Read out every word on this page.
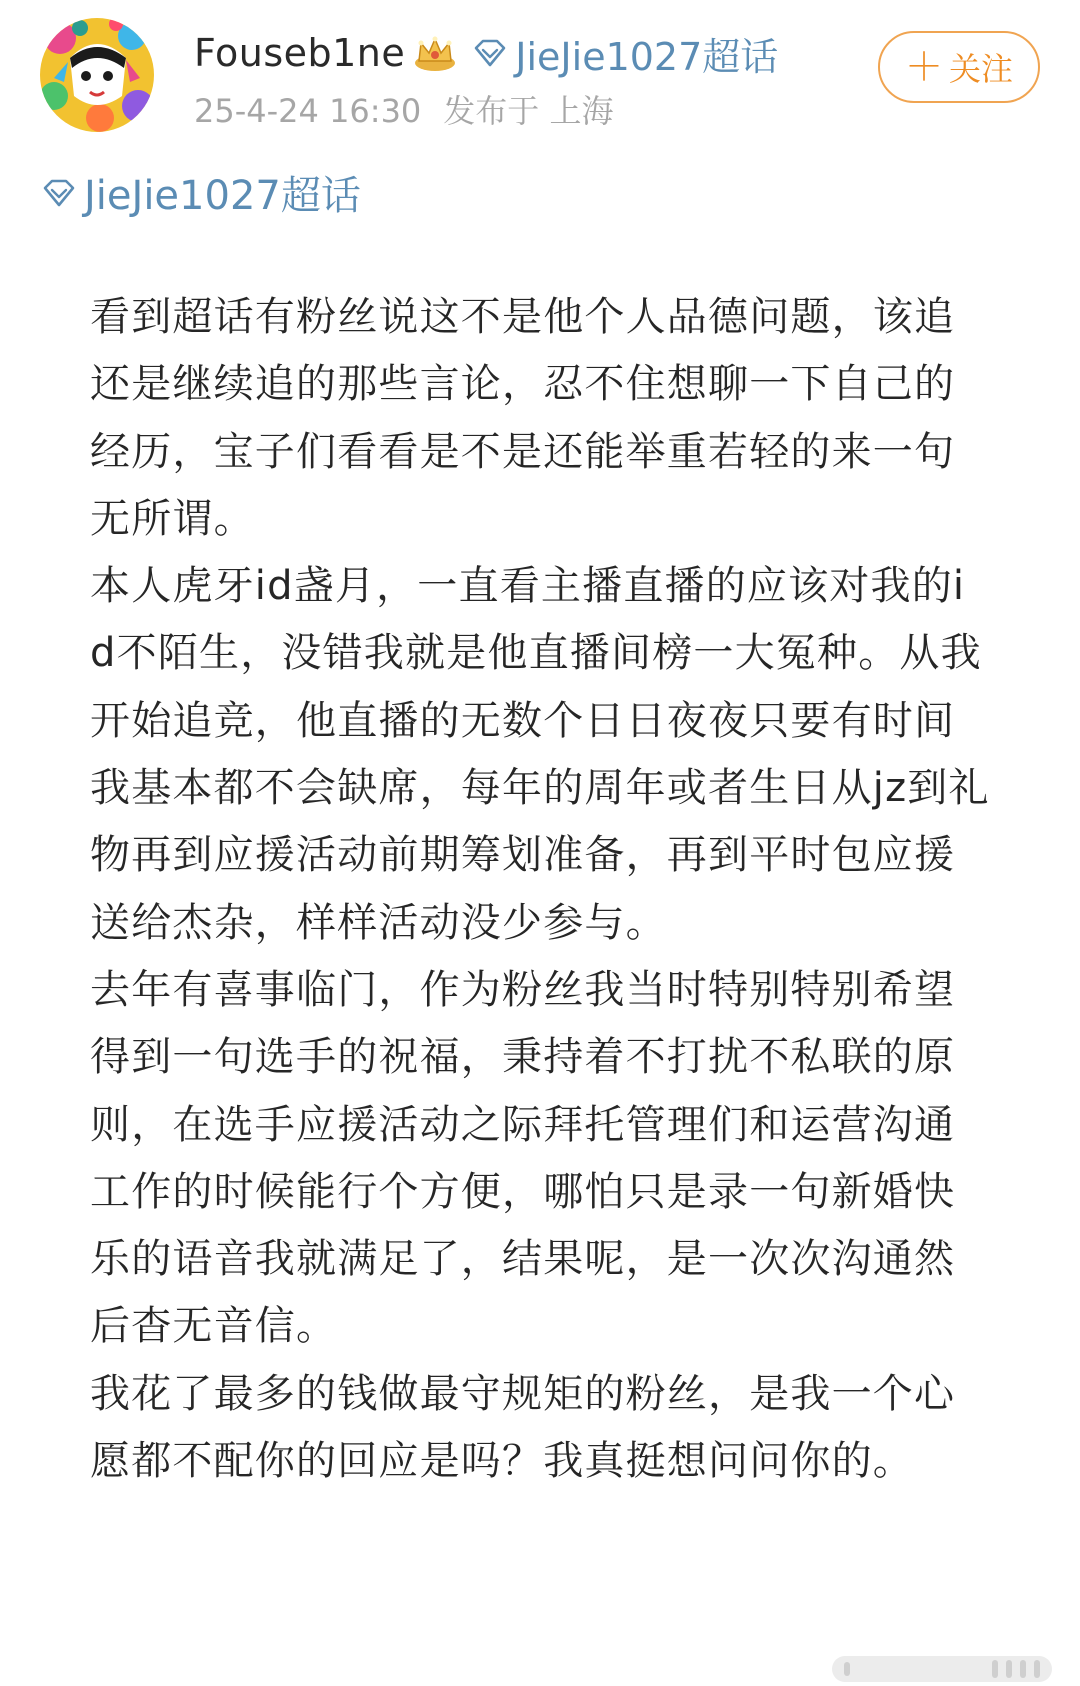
Fouseb1ne	JieJie1027超话
25-4-24 16:30 发布于 上海
＋ 关注
JieJie1027超话

看到超话有粉丝说这不是他个人品德问题，该追还是继续追的那些言论，忍不住想聊一下自己的经历，宝子们看看是不是还能举重若轻的来一句无所谓。

本人虎牙id盏月，一直看主播直播的应该对我的id不陌生，没错我就是他直播间榜一大冤种。从我开始追竞，他直播的无数个日日夜夜只要有时间我基本都不会缺席，每年的周年或者生日从jz到礼物再到应援活动前期筹划准备，再到平时包应援送给杰杂，样样活动没少参与。

去年有喜事临门，作为粉丝我当时特别特别希望得到一句选手的祝福，秉持着不打扰不私联的原则，在选手应援活动之际拜托管理们和运营沟通工作的时候能行个方便，哪怕只是录一句新婚快乐的语音我就满足了，结果呢，是一次次沟通然后杳无音信。

我花了最多的钱做最守规矩的粉丝，是我一个心愿都不配你的回应是吗？我真挺想问问你的。
